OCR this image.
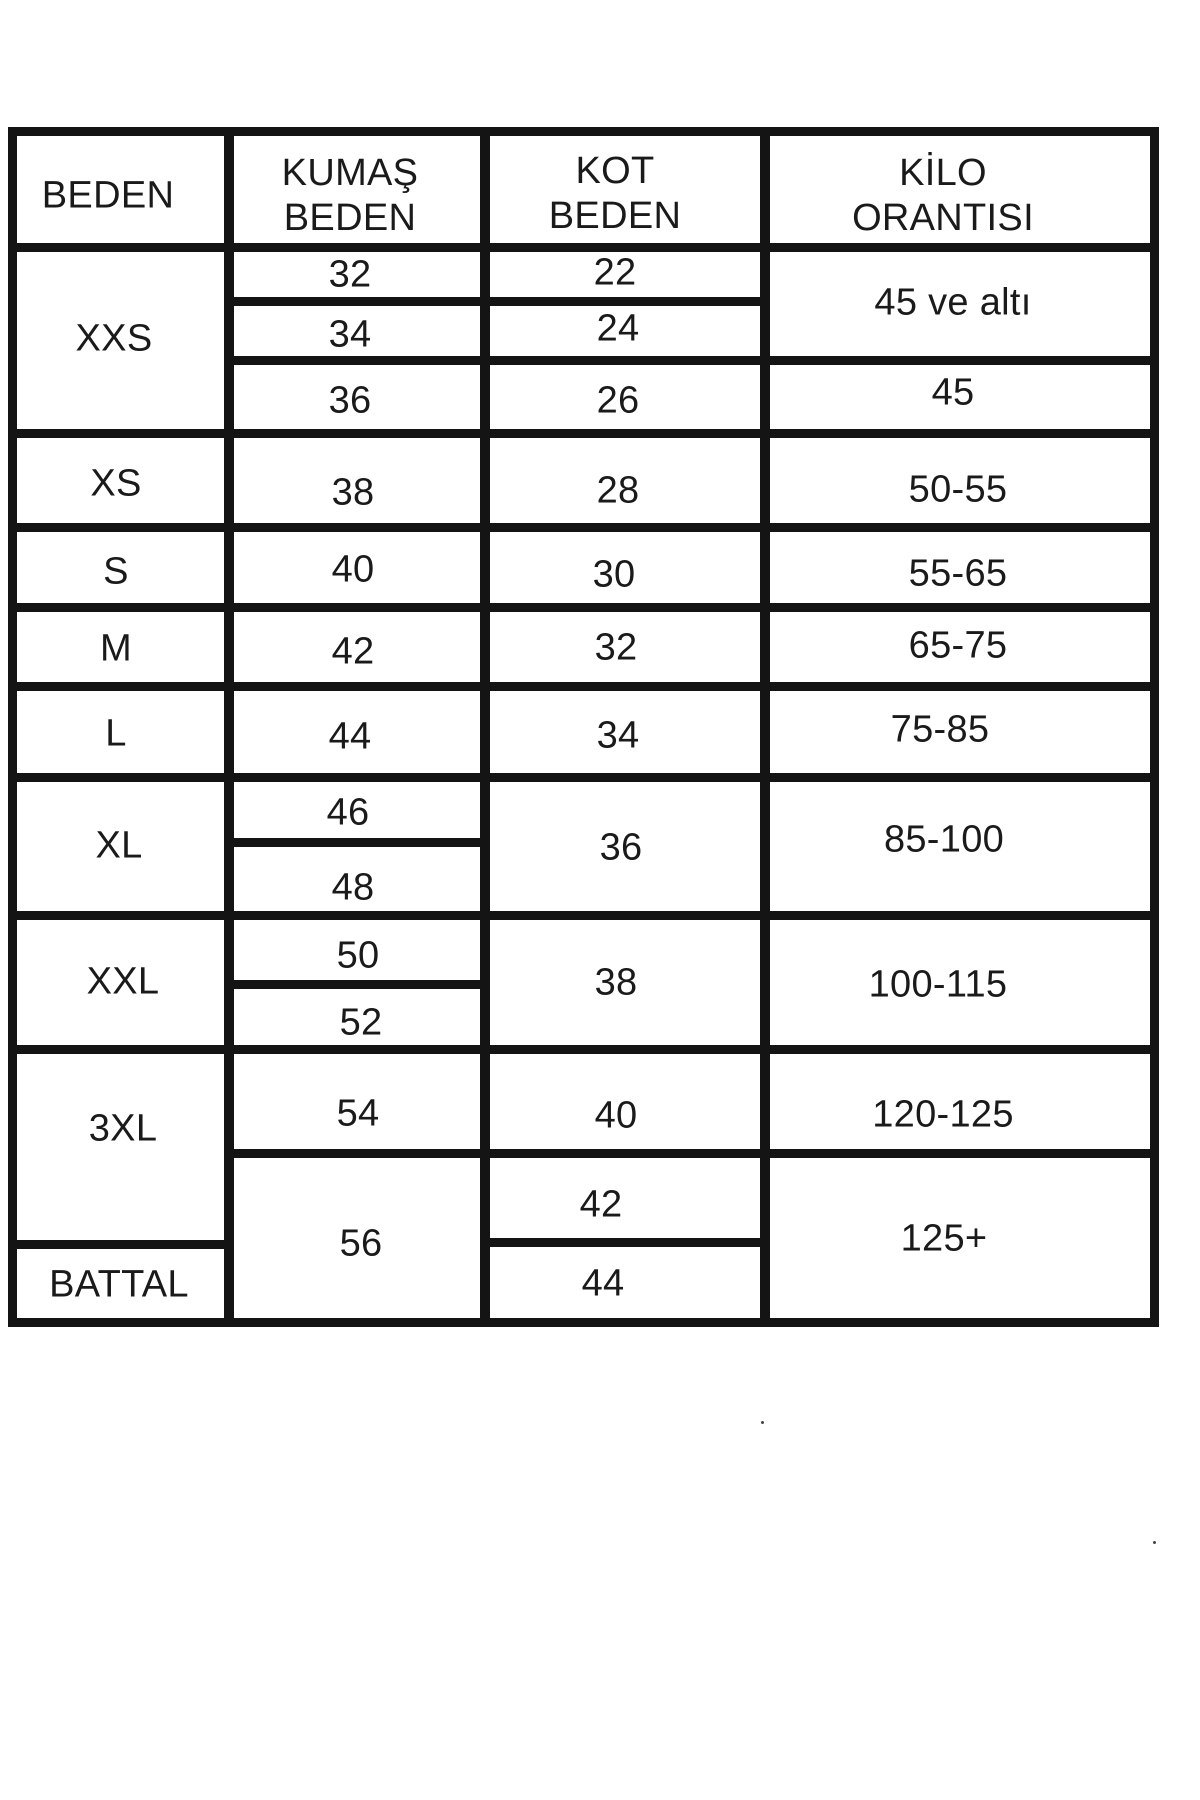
BEDEN
KUMAŞ
BEDEN
KOT
BEDEN
KİLO
ORANTISI
XXS
XS
S
M
L
XL
XXL
3XL
BATTAL
32
34
36
38
40
42
44
46
48
50
52
54
56
22
24
26
28
30
32
34
36
38
40
42
44
45 ve altı
45
50-55
55-65
65-75
75-85
85-100
100-115
120-125
125+
